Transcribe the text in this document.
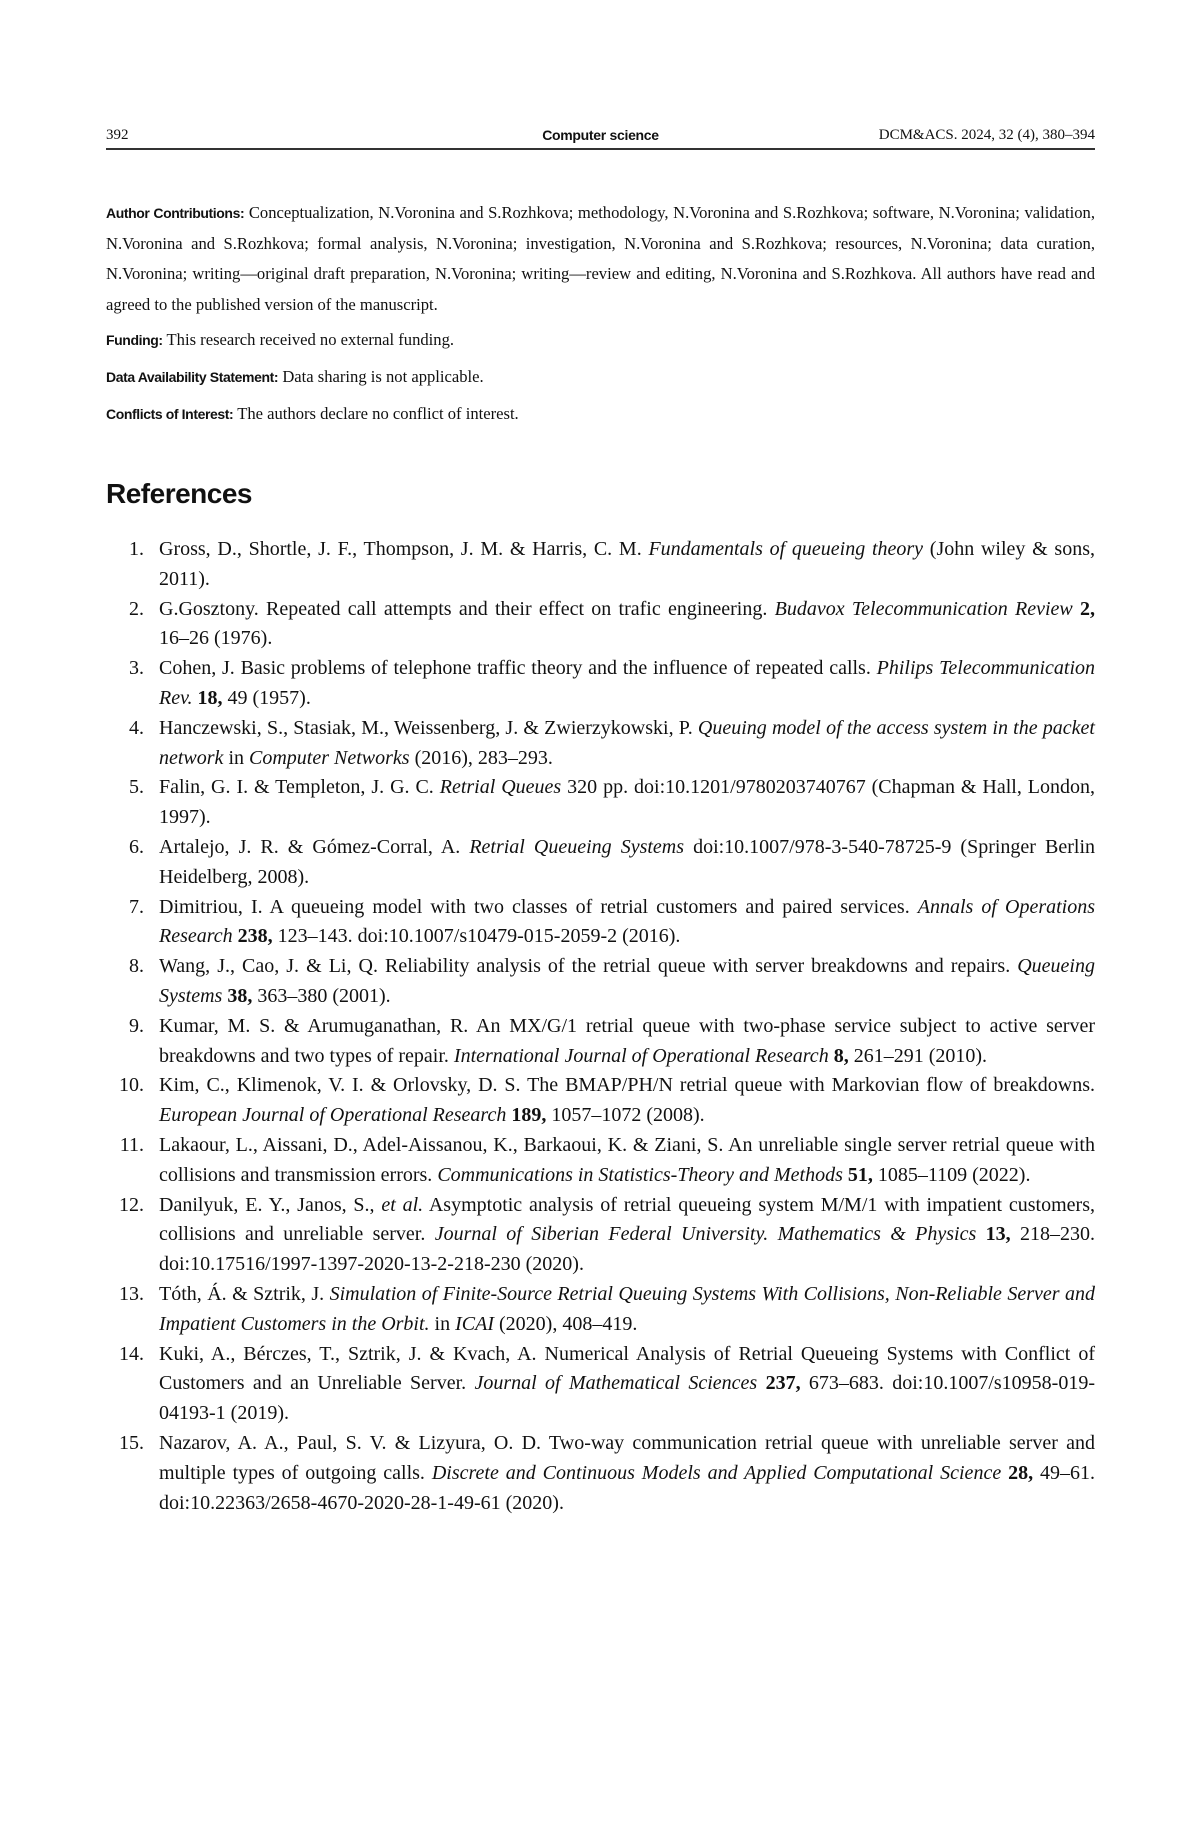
392	Computer science	DCM&ACS. 2024, 32 (4), 380–394
Author Contributions: Conceptualization, N.Voronina and S.Rozhkova; methodology, N.Voronina and S.Rozhkova; software, N.Voronina; validation, N.Voronina and S.Rozhkova; formal analysis, N.Voronina; investigation, N.Voronina and S.Rozhkova; resources, N.Voronina; data curation, N.Voronina; writing—original draft preparation, N.Voronina; writing—review and editing, N.Voronina and S.Rozhkova. All authors have read and agreed to the published version of the manuscript.
Funding: This research received no external funding.
Data Availability Statement: Data sharing is not applicable.
Conflicts of Interest: The authors declare no conflict of interest.
References
1. Gross, D., Shortle, J. F., Thompson, J. M. & Harris, C. M. Fundamentals of queueing theory (John wiley & sons, 2011).
2. G.Gosztony. Repeated call attempts and their effect on trafic engineering. Budavox Telecommunication Review 2, 16–26 (1976).
3. Cohen, J. Basic problems of telephone traffic theory and the influence of repeated calls. Philips Telecommunication Rev. 18, 49 (1957).
4. Hanczewski, S., Stasiak, M., Weissenberg, J. & Zwierzykowski, P. Queuing model of the access system in the packet network in Computer Networks (2016), 283–293.
5. Falin, G. I. & Templeton, J. G. C. Retrial Queues 320 pp. doi:10.1201/9780203740767 (Chapman & Hall, London, 1997).
6. Artalejo, J. R. & Gómez-Corral, A. Retrial Queueing Systems doi:10.1007/978-3-540-78725-9 (Springer Berlin Heidelberg, 2008).
7. Dimitriou, I. A queueing model with two classes of retrial customers and paired services. Annals of Operations Research 238, 123–143. doi:10.1007/s10479-015-2059-2 (2016).
8. Wang, J., Cao, J. & Li, Q. Reliability analysis of the retrial queue with server breakdowns and repairs. Queueing Systems 38, 363–380 (2001).
9. Kumar, M. S. & Arumuganathan, R. An MX/G/1 retrial queue with two-phase service subject to active server breakdowns and two types of repair. International Journal of Operational Research 8, 261–291 (2010).
10. Kim, C., Klimenok, V. I. & Orlovsky, D. S. The BMAP/PH/N retrial queue with Markovian flow of breakdowns. European Journal of Operational Research 189, 1057–1072 (2008).
11. Lakaour, L., Aissani, D., Adel-Aissanou, K., Barkaoui, K. & Ziani, S. An unreliable single server retrial queue with collisions and transmission errors. Communications in Statistics-Theory and Methods 51, 1085–1109 (2022).
12. Danilyuk, E. Y., Janos, S., et al. Asymptotic analysis of retrial queueing system M/M/1 with impatient customers, collisions and unreliable server. Journal of Siberian Federal University. Mathematics & Physics 13, 218–230. doi:10.17516/1997-1397-2020-13-2-218-230 (2020).
13. Tóth, Á. & Sztrik, J. Simulation of Finite-Source Retrial Queuing Systems With Collisions, Non-Reliable Server and Impatient Customers in the Orbit. in ICAI (2020), 408–419.
14. Kuki, A., Bérczes, T., Sztrik, J. & Kvach, A. Numerical Analysis of Retrial Queueing Systems with Conflict of Customers and an Unreliable Server. Journal of Mathematical Sciences 237, 673–683. doi:10.1007/s10958-019-04193-1 (2019).
15. Nazarov, A. A., Paul, S. V. & Lizyura, O. D. Two-way communication retrial queue with unreliable server and multiple types of outgoing calls. Discrete and Continuous Models and Applied Computational Science 28, 49–61. doi:10.22363/2658-4670-2020-28-1-49-61 (2020).
